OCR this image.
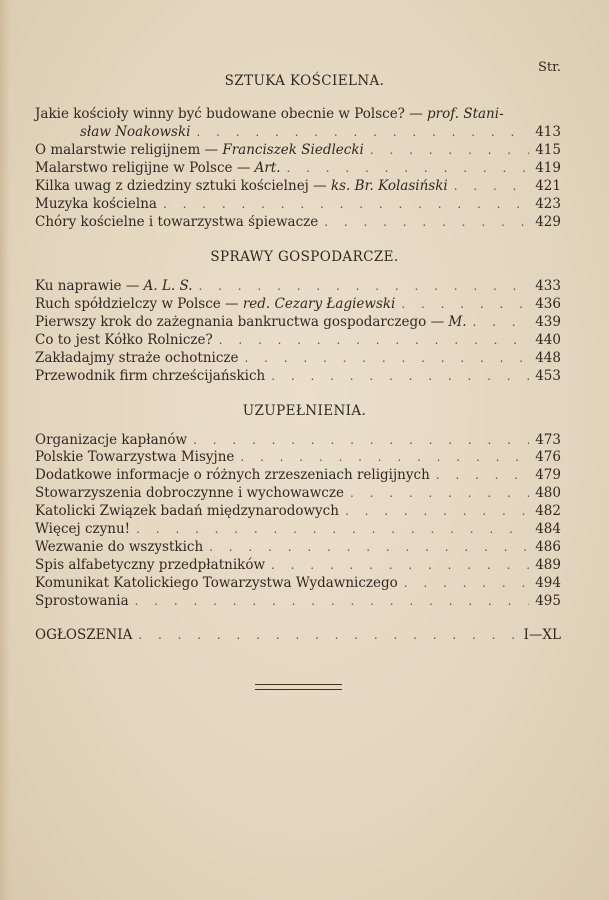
Str.
SZTUKA KOŚCIELNA.
Jakie kościoły winny być budowane obecnie w Polsce? — prof. Stani-
sław Noakowski . . .	413
O malarstwie religijnem — Franciszek Siedlecki . . .	415
Malarstwo religijne w Polsce — Art. . . .	419
Kilka uwag z dziedziny sztuki kościelnej — ks. Br. Kolasiński . . .	421
Muzyka kościelna . . .	423
Chóry kościelne i towarzystwa śpiewacze . . .	429
SPRAWY GOSPODARCZE.
Ku naprawie — A. L. S. . . .	433
Ruch spółdzielczy w Polsce — red. Cezary Łagiewski . . .	436
Pierwszy krok do zażegnania bankructwa gospodarczego — M. . . .	439
Co to jest Kółko Rolnicze? . . .	440
Zakładajmy straże ochotnicze . . .	448
Przewodnik firm chrześcijańskich . . .	453
UZUPEŁNIENIA.
Organizacje kapłanów . . .	473
Polskie Towarzystwa Misyjne . . .	476
Dodatkowe informacje o różnych zrzeszeniach religijnych . . .	479
Stowarzyszenia dobroczynne i wychowawcze . . .	480
Katolicki Związek badań międzynarodowych . . .	482
Więcej czynu! . . .	484
Wezwanie do wszystkich . . .	486
Spis alfabetyczny przedpłatników . . .	489
Komunikat Katolickiego Towarzystwa Wydawniczego . . .	494
Sprostowania . . .	495
OGŁOSZENIA . . .	I—XL
